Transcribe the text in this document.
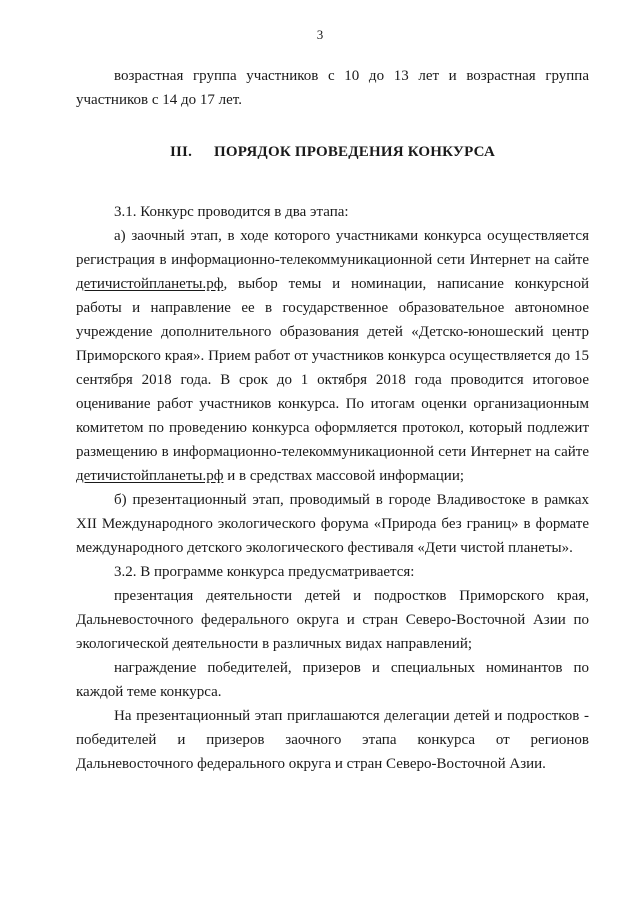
3

возрастная группа участников с 10 до 13 лет и возрастная группа участников с 14 до 17 лет.

III. ПОРЯДОК ПРОВЕДЕНИЯ КОНКУРСА

3.1. Конкурс проводится в два этапа:

а) заочный этап, в ходе которого участниками конкурса осуществляется регистрация в информационно-телекоммуникационной сети Интернет на сайте детичистойпланеты.рф, выбор темы и номинации, написание конкурсной работы и направление ее в государственное образовательное автономное учреждение дополнительного образования детей «Детско-юношеский центр Приморского края». Прием работ от участников конкурса осуществляется до 15 сентября 2018 года. В срок до 1 октября 2018 года проводится итоговое оценивание работ участников конкурса. По итогам оценки организационным комитетом по проведению конкурса оформляется протокол, который подлежит размещению в информационно-телекоммуникационной сети Интернет на сайте детичистойпланеты.рф и в средствах массовой информации;

б) презентационный этап, проводимый в городе Владивостоке в рамках XII Международного экологического форума «Природа без границ» в формате международного детского экологического фестиваля «Дети чистой планеты».

3.2. В программе конкурса предусматривается:

презентация деятельности детей и подростков Приморского края, Дальневосточного федерального округа и стран Северо-Восточной Азии по экологической деятельности в различных видах направлений;

награждение победителей, призеров и специальных номинантов по каждой теме конкурса.

На презентационный этап приглашаются делегации детей и подростков - победителей и призеров заочного этапа конкурса от регионов Дальневосточного федерального округа и стран Северо-Восточной Азии.
